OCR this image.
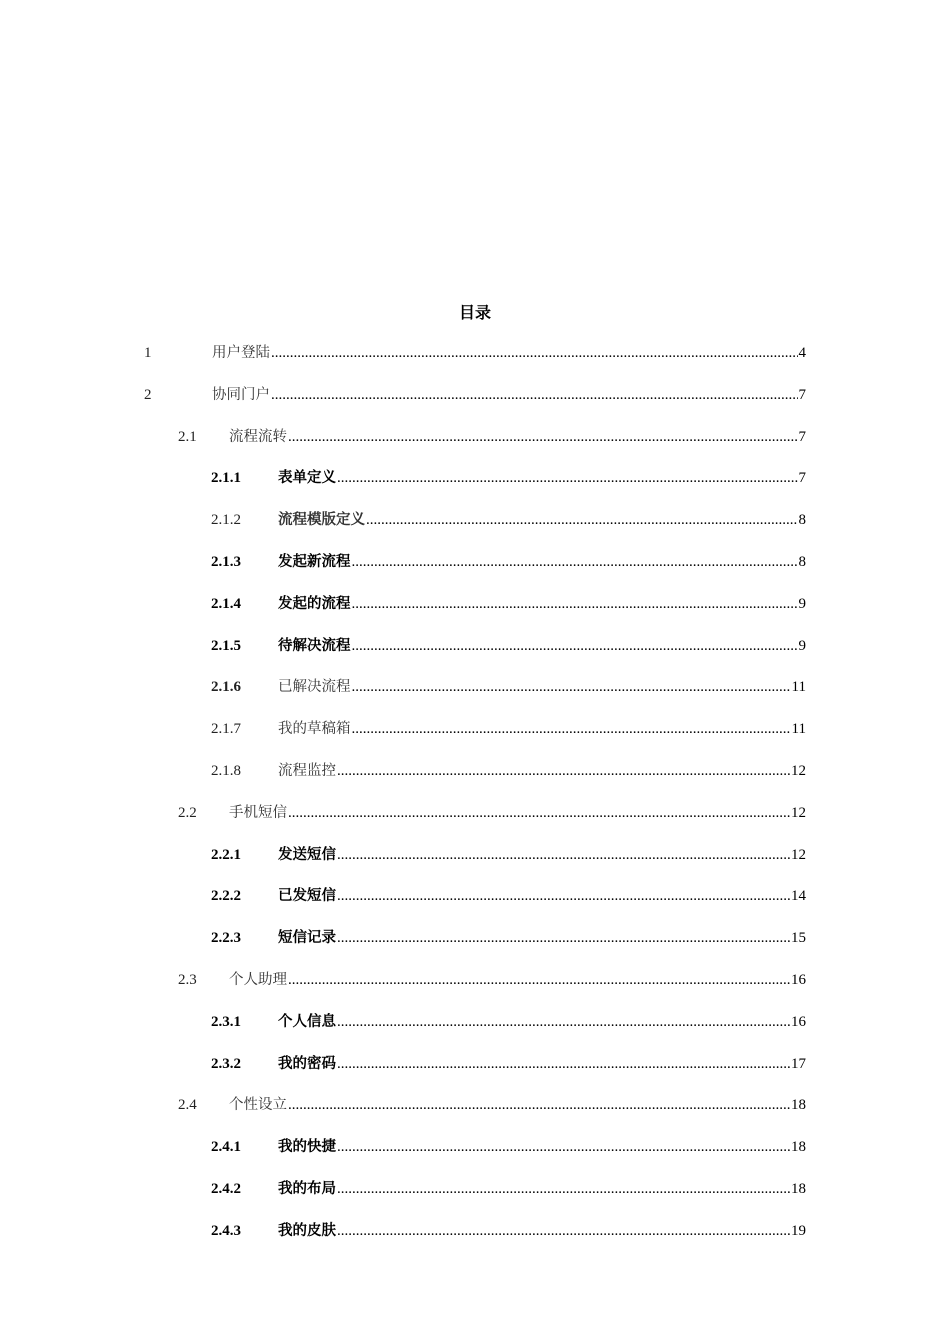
目录
1	用户登陆 .....	4
2	协同门户 .....	7
2.1 流程流转 .....	7
2.1.1	表单定义 .....	7
2.1.2	流程模版定义 .....	8
2.1.3	发起新流程 .....	8
2.1.4	发起的流程 .....	9
2.1.5	待解决流程 .....	9
2.1.6	已解决流程 .....	11
2.1.7	我的草稿箱 .....	11
2.1.8	流程监控 .....	12
2.2 手机短信 .....	12
2.2.1	发送短信 .....	12
2.2.2	已发短信 .....	14
2.2.3	短信记录 .....	15
2.3 个人助理 .....	16
2.3.1	个人信息 .....	16
2.3.2	我的密码 .....	17
2.4 个性设立 .....	18
2.4.1	我的快捷 .....	18
2.4.2	我的布局 .....	18
2.4.3	我的皮肤 .....	19
